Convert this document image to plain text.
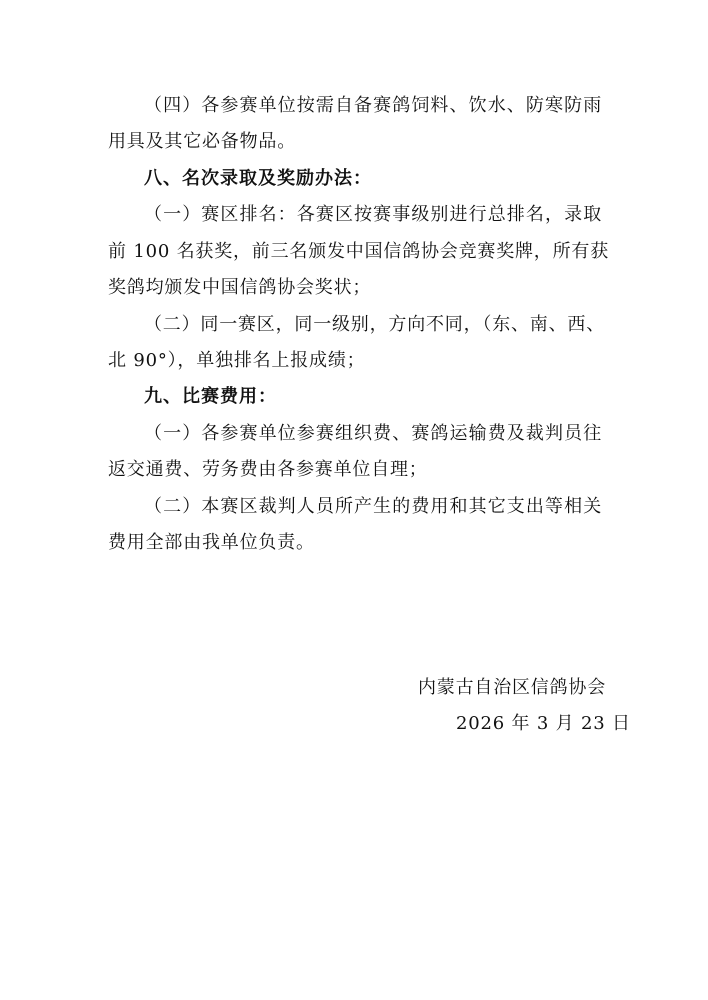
（四）各参赛单位按需自备赛鸽饲料、饮水、防寒防雨
用具及其它必备物品。
八、名次录取及奖励办法：
（一）赛区排名：各赛区按赛事级别进行总排名，录取
前 100 名获奖，前三名颁发中国信鸽协会竞赛奖牌，所有获
奖鸽均颁发中国信鸽协会奖状；
（二）同一赛区，同一级别，方向不同，（东、南、西、
北 90°），单独排名上报成绩；
九、比赛费用：
（一）各参赛单位参赛组织费、赛鸽运输费及裁判员往
返交通费、劳务费由各参赛单位自理；
（二）本赛区裁判人员所产生的费用和其它支出等相关
费用全部由我单位负责。
内蒙古自治区信鸽协会
2026 年 3 月 23 日
